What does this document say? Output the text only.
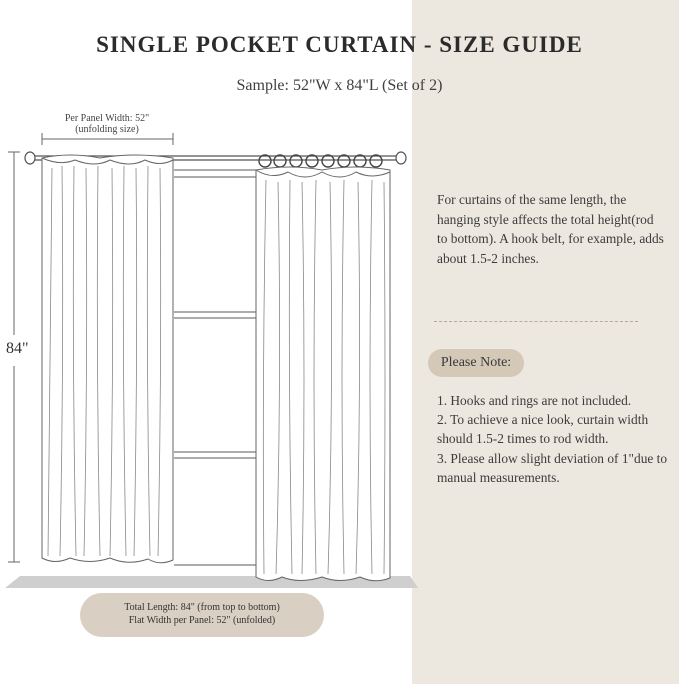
SINGLE POCKET CURTAIN - SIZE GUIDE
Sample: 52"W x 84"L (Set of 2)
Per Panel Width: 52"
(unfolding size)
84"
For curtains of the same length, the hanging style affects the total height(rod to bottom). A hook belt, for example, adds about 1.5-2 inches.
Please Note:
1. Hooks and rings are not included.
2. To achieve a nice look, curtain width should 1.5-2 times to rod width.
3. Please allow slight deviation of 1"due to manual measurements.
Total Length: 84" (from top to bottom)
Flat Width per Panel: 52" (unfolded)
